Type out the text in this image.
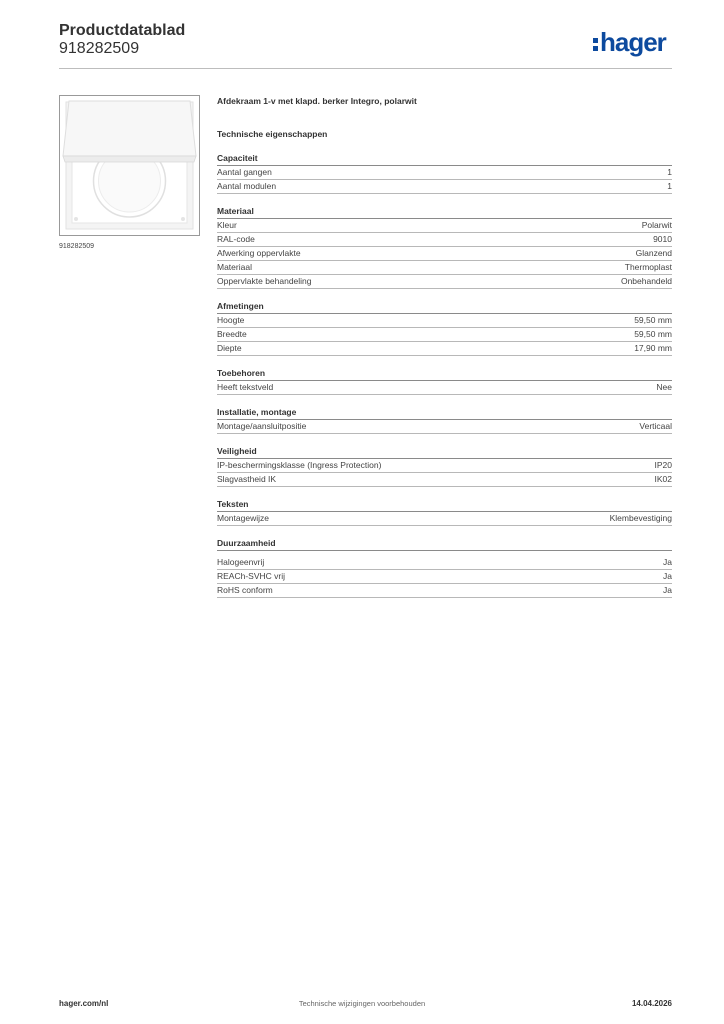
Productdatablad
918282509	hager
918282509
Afdekraam 1-v met klapd. berker Integro, polarwit
Technische eigenschappen
Capaciteit
Aantal gangen	1
Aantal modulen	1
Materiaal
Kleur	Polarwit
RAL-code	9010
Afwerking oppervlakte	Glanzend
Materiaal	Thermoplast
Oppervlakte behandeling	Onbehandeld
Afmetingen
Hoogte	59,50 mm
Breedte	59,50 mm
Diepte	17,90 mm
Toebehoren
Heeft tekstveld	Nee
Installatie, montage
Montage/aansluitpositie	Verticaal
Veiligheid
IP-beschermingsklasse (Ingress Protection)	IP20
Slagvastheid IK	IK02
Teksten
Montagewijze	Klembevestiging
Duurzaamheid
Halogeenvrij	Ja
REACh-SVHC vrij	Ja
RoHS conform	Ja
hager.com/nl	Technische wijzigingen voorbehouden	14.04.2026
